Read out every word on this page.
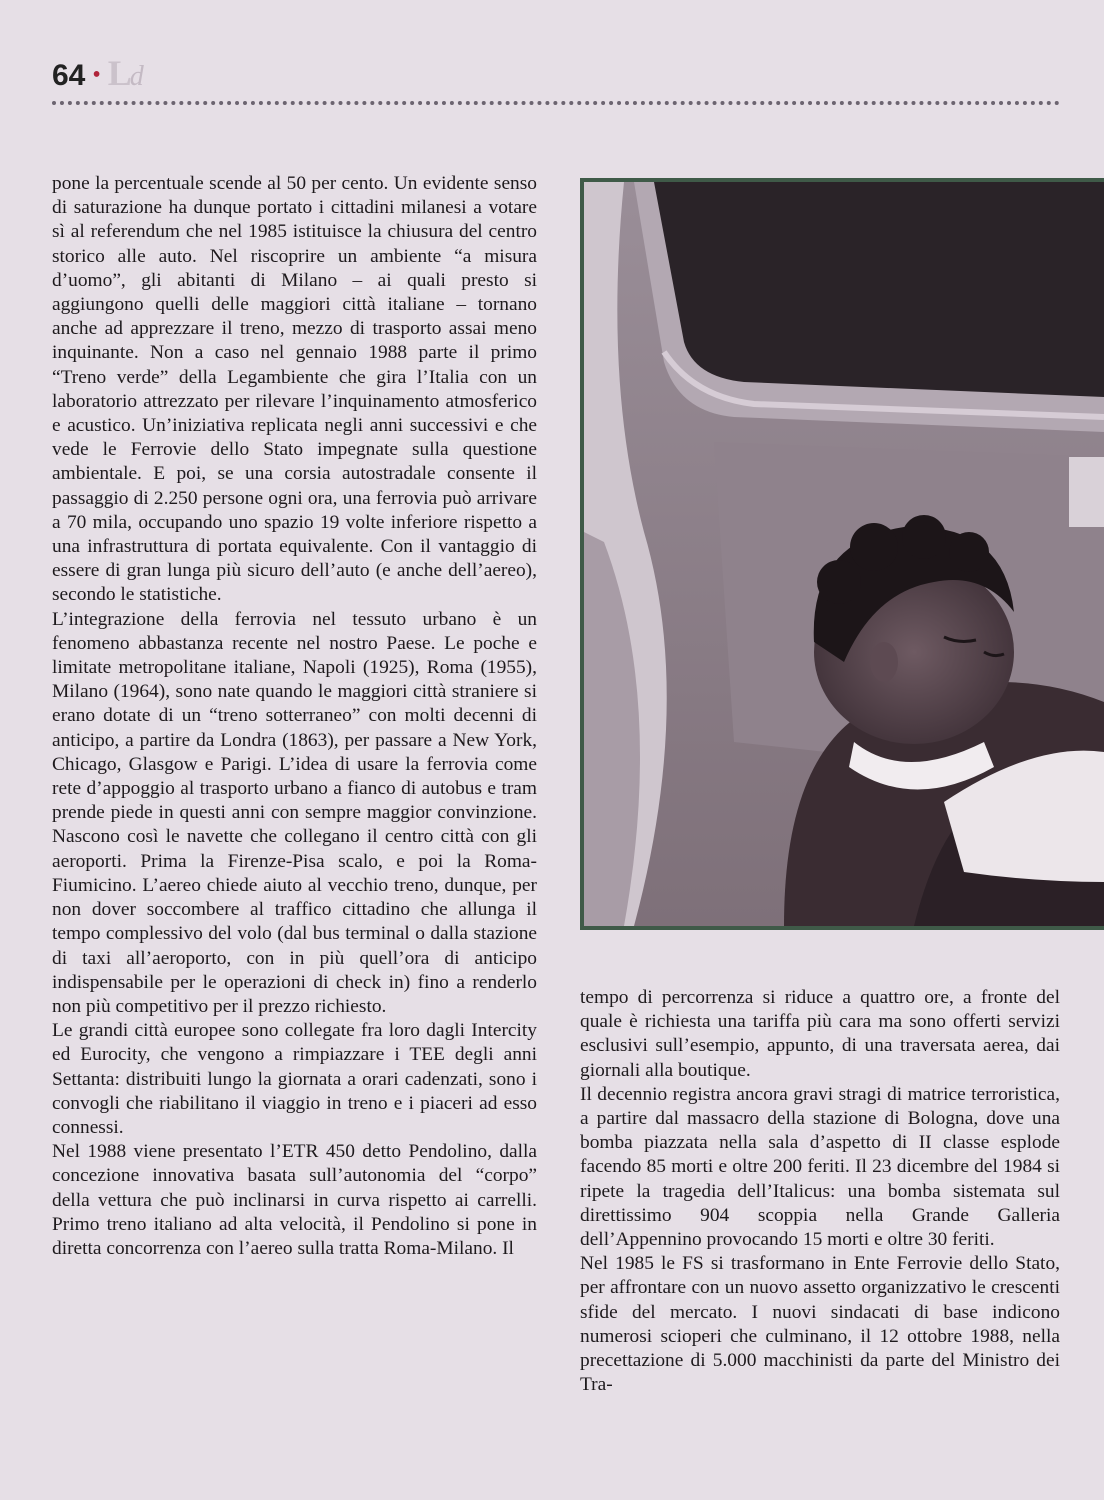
64 • Ld

pone la percentuale scende al 50 per cento. Un evidente senso di saturazione ha dunque portato i cittadini milanesi a votare sì al referendum che nel 1985 istituisce la chiusura del centro storico alle auto. Nel riscoprire un ambiente “a misura d’uomo”, gli abitanti di Milano – ai quali presto si aggiungono quelli delle maggiori città italiane – tornano anche ad apprezzare il treno, mezzo di trasporto assai meno inquinante. Non a caso nel gennaio 1988 parte il primo “Treno verde” della Legambiente che gira l’Italia con un laboratorio attrezzato per rilevare l’inquinamento atmosferico e acustico. Un’iniziativa replicata negli anni successivi e che vede le Ferrovie dello Stato impegnate sulla questione ambientale. E poi, se una corsia autostradale consente il passaggio di 2.250 persone ogni ora, una ferrovia può arrivare a 70 mila, occupando uno spazio 19 volte inferiore rispetto a una infrastruttura di portata equivalente. Con il vantaggio di essere di gran lunga più sicuro dell’auto (e anche dell’aereo), secondo le statistiche.

L’integrazione della ferrovia nel tessuto urbano è un fenomeno abbastanza recente nel nostro Paese. Le poche e limitate metropolitane italiane, Napoli (1925), Roma (1955), Milano (1964), sono nate quando le maggiori città straniere si erano dotate di un “treno sotterraneo” con molti decenni di anticipo, a partire da Londra (1863), per passare a New York, Chicago, Glasgow e Parigi. L’idea di usare la ferrovia come rete d’appoggio al trasporto urbano a fianco di autobus e tram prende piede in questi anni con sempre maggior convinzione. Nascono così le navette che collegano il centro città con gli aeroporti. Prima la Firenze-Pisa scalo, e poi la Roma-Fiumicino. L’aereo chiede aiuto al vecchio treno, dunque, per non dover soccombere al traffico cittadino che allunga il tempo complessivo del volo (dal bus terminal o dalla stazione di taxi all’aeroporto, con in più quell’ora di anticipo indispensabile per le operazioni di check in) fino a renderlo non più competitivo per il prezzo richiesto.

Le grandi città europee sono collegate fra loro dagli Intercity ed Eurocity, che vengono a rimpiazzare i TEE degli anni Settanta: distribuiti lungo la giornata a orari cadenzati, sono i convogli che riabilitano il viaggio in treno e i piaceri ad esso connessi.

Nel 1988 viene presentato l’ETR 450 detto Pendolino, dalla concezione innovativa basata sull’autonomia del “corpo” della vettura che può inclinarsi in curva rispetto ai carrelli. Primo treno italiano ad alta velocità, il Pendolino si pone in diretta concorrenza con l’aereo sulla tratta Roma-Milano. Il

tempo di percorrenza si riduce a quattro ore, a fronte del quale è richiesta una tariffa più cara ma sono offerti servizi esclusivi sull’esempio, appunto, di una traversata aerea, dai giornali alla boutique.

Il decennio registra ancora gravi stragi di matrice terroristica, a partire dal massacro della stazione di Bologna, dove una bomba piazzata nella sala d’aspetto di II classe esplode facendo 85 morti e oltre 200 feriti. Il 23 dicembre del 1984 si ripete la tragedia dell’Italicus: una bomba sistemata sul direttissimo 904 scoppia nella Grande Galleria dell’Appennino provocando 15 morti e oltre 30 feriti.

Nel 1985 le FS si trasformano in Ente Ferrovie dello Stato, per affrontare con un nuovo assetto organizzativo le crescenti sfide del mercato. I nuovi sindacati di base indicono numerosi scioperi che culminano, il 12 ottobre 1988, nella precettazione di 5.000 macchinisti da parte del Ministro dei Tra-
